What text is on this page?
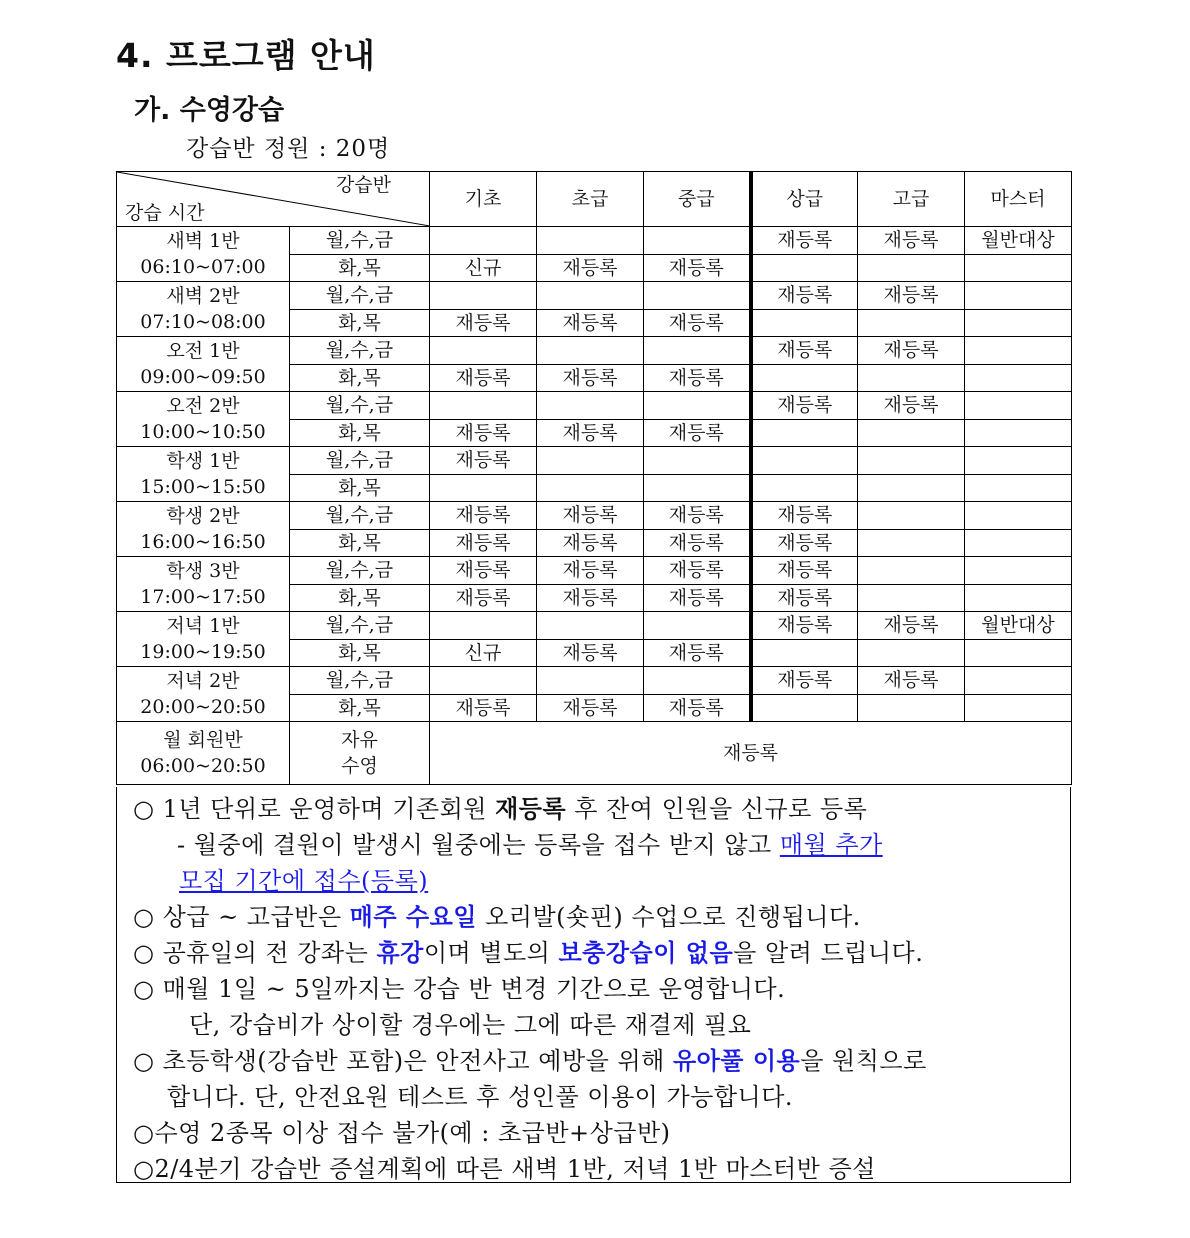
4. 프로그램 안내
가. 수영강습
강습반 정원 : 20명
강습반
강습 시간		기초	초급	중급	상급	고급	마스터

새벽 1반
06:10~07:00	월,수,금				재등록	재등록	월반대상
	화,목	신규	재등록	재등록			

새벽 2반
07:10~08:00	월,수,금				재등록	재등록	
	화,목	재등록	재등록	재등록			

오전 1반
09:00~09:50	월,수,금				재등록	재등록	
	화,목	재등록	재등록	재등록			

오전 2반
10:00~10:50	월,수,금				재등록	재등록	
	화,목	재등록	재등록	재등록			

학생 1반
15:00~15:50	월,수,금	재등록					
	화,목						

학생 2반
16:00~16:50	월,수,금	재등록	재등록	재등록	재등록		
	화,목	재등록	재등록	재등록	재등록		

학생 3반
17:00~17:50	월,수,금	재등록	재등록	재등록	재등록		
	화,목	재등록	재등록	재등록	재등록		

저녁 1반
19:00~19:50	월,수,금				재등록	재등록	월반대상
	화,목	신규	재등록	재등록			

저녁 2반
20:00~20:50	월,수,금				재등록	재등록	
	화,목	재등록	재등록	재등록			

월 회원반
06:00~20:50	자유
수영	재등록					
○ 1년 단위로 운영하며 기존회원 재등록 후 잔여 인원을 신규로 등록
- 월중에 결원이 발생시 월중에는 등록을 접수 받지 않고 매월 추가
모집 기간에 접수(등록)
○ 상급 ~ 고급반은 매주 수요일 오리발(숏핀) 수업으로 진행됩니다.
○ 공휴일의 전 강좌는 휴강이며 별도의 보충강습이 없음을 알려 드립니다.
○ 매월 1일 ~ 5일까지는 강습 반 변경 기간으로 운영합니다.
단, 강습비가 상이할 경우에는 그에 따른 재결제 필요
○ 초등학생(강습반 포함)은 안전사고 예방을 위해 유아풀 이용을 원칙으로
합니다. 단, 안전요원 테스트 후 성인풀 이용이 가능합니다.
○수영 2종목 이상 접수 불가(예 : 초급반+상급반)
○2/4분기 강습반 증설계획에 따른 새벽 1반, 저녁 1반 마스터반 증설
